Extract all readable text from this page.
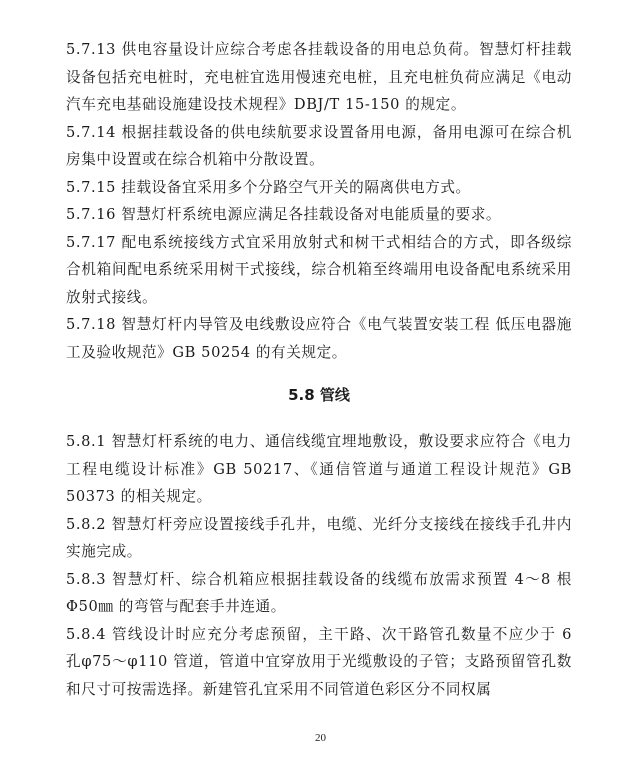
5.7.13 供电容量设计应综合考虑各挂载设备的用电总负荷。智慧灯杆挂载设备包括充电桩时，充电桩宜选用慢速充电桩，且充电桩负荷应满足《电动汽车充电基础设施建设技术规程》DBJ/T 15-150 的规定。

5.7.14 根据挂载设备的供电续航要求设置备用电源，备用电源可在综合机房集中设置或在综合机箱中分散设置。

5.7.15 挂载设备宜采用多个分路空气开关的隔离供电方式。

5.7.16 智慧灯杆系统电源应满足各挂载设备对电能质量的要求。

5.7.17 配电系统接线方式宜采用放射式和树干式相结合的方式，即各级综合机箱间配电系统采用树干式接线，综合机箱至终端用电设备配电系统采用放射式接线。

5.7.18 智慧灯杆内导管及电线敷设应符合《电气装置安装工程 低压电器施工及验收规范》GB 50254 的有关规定。

5.8 管线

5.8.1 智慧灯杆系统的电力、通信线缆宜埋地敷设，敷设要求应符合《电力工程电缆设计标准》GB 50217、《通信管道与通道工程设计规范》GB 50373 的相关规定。

5.8.2 智慧灯杆旁应设置接线手孔井，电缆、光纤分支接线在接线手孔井内实施完成。

5.8.3 智慧灯杆、综合机箱应根据挂载设备的线缆布放需求预置 4～8 根Φ50㎜ 的弯管与配套手井连通。

5.8.4 管线设计时应充分考虑预留，主干路、次干路管孔数量不应少于 6 孔φ75～φ110 管道，管道中宜穿放用于光缆敷设的子管；支路预留管孔数和尺寸可按需选择。新建管孔宜采用不同管道色彩区分不同权属

20
